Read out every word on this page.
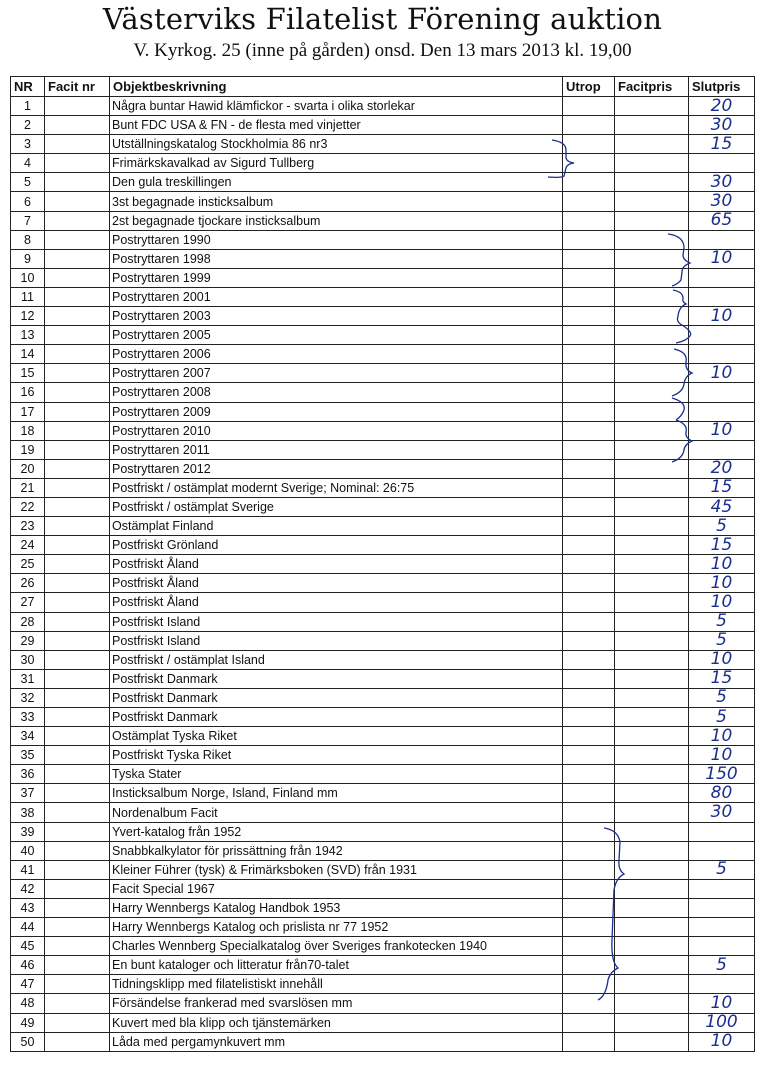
Västerviks Filatelist Förening auktion
V. Kyrkog. 25 (inne på gården) onsd. Den 13 mars 2013 kl. 19,00
NR	Facit nr	Objektbeskrivning	Utrop	Facitpris	Slutpris
1		Några buntar Hawid klämfickor - svarta i olika storlekar			20
2		Bunt FDC USA & FN - de flesta med vinjetter			30
3		Utställningskatalog Stockholmia 86 nr3			15
4		Frimärkskavalkad av Sigurd Tullberg			
5		Den gula treskillingen			30
6		3st begagnade insticksalbum			30
7		2st begagnade tjockare insticksalbum			65
8		Postryttaren 1990			
9		Postryttaren 1998			10
10		Postryttaren 1999			
11		Postryttaren 2001			
12		Postryttaren 2003			10
13		Postryttaren 2005			
14		Postryttaren 2006			
15		Postryttaren 2007			10
16		Postryttaren 2008			
17		Postryttaren 2009			
18		Postryttaren 2010			10
19		Postryttaren 2011			
20		Postryttaren 2012			20
21		Postfriskt / ostämplat modernt Sverige; Nominal: 26:75			15
22		Postfriskt / ostämplat Sverige			45
23		Ostämplat Finland			5
24		Postfriskt Grönland			15
25		Postfriskt Åland			10
26		Postfriskt Åland			10
27		Postfriskt Åland			10
28		Postfriskt Island			5
29		Postfriskt Island			5
30		Postfriskt / ostämplat Island			10
31		Postfriskt Danmark			15
32		Postfriskt Danmark			5
33		Postfriskt Danmark			5
34		Ostämplat Tyska Riket			10
35		Postfriskt Tyska Riket			10
36		Tyska Stater			150
37		Insticksalbum Norge, Island, Finland mm			80
38		Nordenalbum Facit			30
39		Yvert-katalog från 1952			
40		Snabbkalkylator för prissättning från 1942			
41		Kleiner Führer (tysk) & Frimärksboken (SVD) från 1931			5
42		Facit Special 1967			
43		Harry Wennbergs Katalog Handbok 1953			
44		Harry Wennbergs Katalog och prislista nr 77 1952			
45		Charles Wennberg Specialkatalog över Sveriges frankotecken 1940			
46		En bunt kataloger och litteratur från70-talet			5
47		Tidningsklipp med filatelistiskt innehåll			
48		Försändelse frankerad med svarslösen mm			10
49		Kuvert med bla klipp och tjänstemärken			100
50		Låda med pergamynkuvert mm			10
